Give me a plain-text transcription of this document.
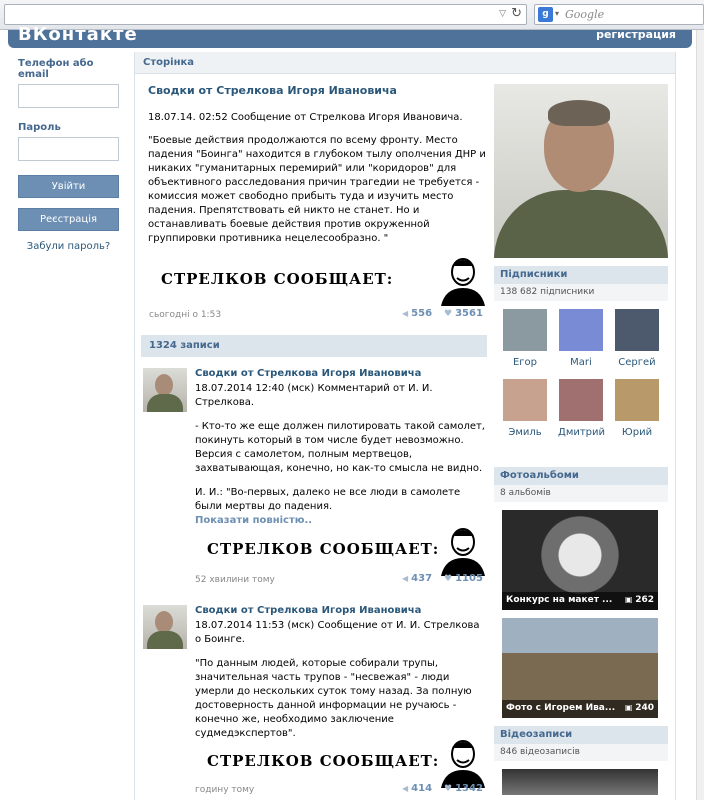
▽ ↻	g ▾ Google
ВКонтакте	регистрация
Телефон або email
Пароль
Увійти
Реєстрація
Забули пароль?
Сторінка
Сводки от Стрелкова Игоря Ивановича

18.07.14. 02:52 Сообщение от Стрелкова Игоря Ивановича.

"Боевые действия продолжаются по всему фронту. Место падения "Боинга" находится в глубоком тылу ополчения ДНР и никаких "гуманитарных перемирий" или "коридоров" для объективного расследования причин трагедии не требуется - комиссия может свободно прибыть туда и изучить место падения. Препятствовать ей никто не станет. Но и останавливать боевые действия против окруженной группировки противника нецелесообразно. "

СТРЕЛКОВ СООБЩАЕТ:
сьогодні о 1:53	◀ 556	♥ 3561
1324 записи
Сводки от Стрелкова Игоря Ивановича

18.07.2014 12:40 (мск) Комментарий от И. И. Стрелкова.

- Кто-то же еще должен пилотировать такой самолет, покинуть который в том числе будет невозможно. Версия с самолетом, полным мертвецов, захватывающая, конечно, но как-то смысла не видно.

И. И.: "Во-первых, далеко не все люди в самолете были мертвы до падения.

Показати повністю..
СТРЕЛКОВ СООБЩАЕТ:
52 хвилини тому	◀ 437	♥ 1105
Сводки от Стрелкова Игоря Ивановича

18.07.2014 11:53 (мск) Сообщение от И. И. Стрелкова о Боинге.

"По данным людей, которые собирали трупы, значительная часть трупов - "несвежая" - люди умерли до нескольких суток тому назад. За полную достоверность данной информации не ручаюсь - конечно же, необходимо заключение судмедэкспертов".

СТРЕЛКОВ СООБЩАЕТ:
годину тому	◀ 414	♥ 1342
Підписники
138 682 підписники
Егор	Mari	Сергей
Эмиль	Дмитрий	Юрий
Фотоальбоми
8 альбомів
Конкурс на макет ...	▣ 262
Фото с Игорем Ива...	▣ 240
Відеозаписи
846 відеозаписів
